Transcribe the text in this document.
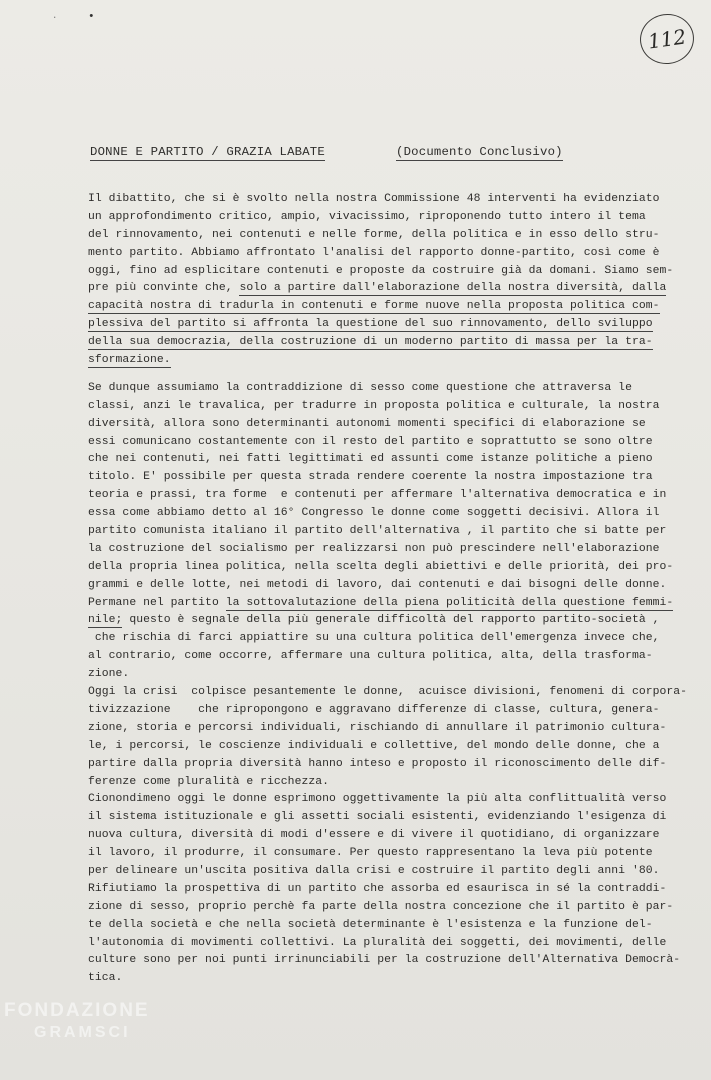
·	•
112
DONNE E PARTITO / GRAZIA LABATE	(Documento Conclusivo)
Il dibattito, che si è svolto nella nostra Commissione 48 interventi ha evidenziato
un approfondimento critico, ampio, vivacissimo, riproponendo tutto intero il tema
del rinnovamento, nei contenuti e nelle forme, della politica e in esso dello stru-
mento partito. Abbiamo affrontato l'analisi del rapporto donne-partito, così come è
oggi, fino ad esplicitare contenuti e proposte da costruire già da domani. Siamo sem-
pre più convinte che, solo a partire dall'elaborazione della nostra diversità, dalla
capacità nostra di tradurla in contenuti e forme nuove nella proposta politica com-
plessiva del partito si affronta la questione del suo rinnovamento, dello sviluppo
della sua democrazia, della costruzione di un moderno partito di massa per la tra-
sformazione.
Se dunque assumiamo la contraddizione di sesso come questione che attraversa le
classi, anzi le travalica, per tradurre in proposta politica e culturale, la nostra
diversità, allora sono determinanti autonomi momenti specifici di elaborazione se
essi comunicano costantemente con il resto del partito e soprattutto se sono oltre
che nei contenuti, nei fatti legittimati ed assunti come istanze politiche a pieno
titolo. E' possibile per questa strada rendere coerente la nostra impostazione tra
teoria e prassi, tra forme  e contenuti per affermare l'alternativa democratica e in
essa come abbiamo detto al 16° Congresso le donne come soggetti decisivi. Allora il
partito comunista italiano il partito dell'alternativa , il partito che si batte per
la costruzione del socialismo per realizzarsi non può prescindere nell'elaborazione
della propria linea politica, nella scelta degli abiettivi e delle priorità, dei pro-
grammi e delle lotte, nei metodi di lavoro, dai contenuti e dai bisogni delle donne.
Permane nel partito la sottovalutazione della piena politicità della questione femmi-
nile; questo è segnale della più generale difficoltà del rapporto partito-società ,
che rischia di farci appiattire su una cultura politica dell'emergenza invece che,
al contrario, come occorre, affermare una cultura politica, alta, della trasforma-
zione.
Oggi la crisi  colpisce pesantemente le donne,  acuisce divisioni, fenomeni di corpora-
tivizzazione    che ripropongono e aggravano differenze di classe, cultura, genera-
zione, storia e percorsi individuali, rischiando di annullare il patrimonio cultura-
le, i percorsi, le coscienze individuali e collettive, del mondo delle donne, che a
partire dalla propria diversità hanno inteso e proposto il riconoscimento delle dif-
ferenze come pluralità e ricchezza.
Cionondimeno oggi le donne esprimono oggettivamente la più alta conflittualità verso
il sistema istituzionale e gli assetti sociali esistenti, evidenziando l'esigenza di
nuova cultura, diversità di modi d'essere e di vivere il quotidiano, di organizzare
il lavoro, il produrre, il consumare. Per questo rappresentano la leva più potente
per delineare un'uscita positiva dalla crisi e costruire il partito degli anni '80.
Rifiutiamo la prospettiva di un partito che assorba ed esaurisca in sé la contraddi-
zione di sesso, proprio perchè fa parte della nostra concezione che il partito è par-
te della società e che nella società determinante è l'esistenza e la funzione del-
l'autonomia di movimenti collettivi. La pluralità dei soggetti, dei movimenti, delle
culture sono per noi punti irrinunciabili per la costruzione dell'Alternativa Democrà-
tica.
FONDAZIONE
GRAMSCI
